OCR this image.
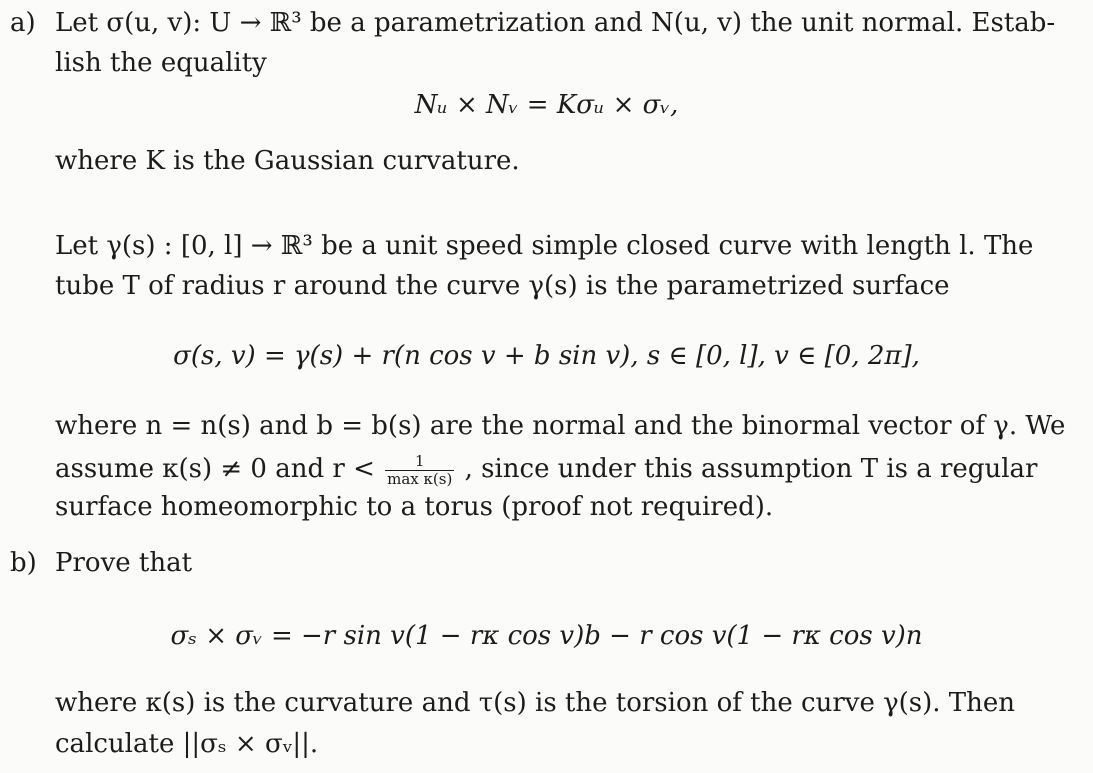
a) Let σ(u, v): U → ℝ³ be a parametrization and N(u, v) the unit normal. Estab-
lish the equality
Nᵤ × Nᵥ = Kσᵤ × σᵥ,
where K is the Gaussian curvature.
Let γ(s) : [0, l] → ℝ³ be a unit speed simple closed curve with length l. The
tube T of radius r around the curve γ(s) is the parametrized surface
σ(s, v) = γ(s) + r(n cos v + b sin v), s ∈ [0, l], v ∈ [0, 2π],
where n = n(s) and b = b(s) are the normal and the binormal vector of γ. We
assume κ(s) ≠ 0 and $r < \frac{1}{\text{max κ(s)}}$ , since under this assumption T is a regular
surface homeomorphic to a torus (proof not required).
b) Prove that
σₛ × σᵥ = −r sin v(1 − rκ cos v)b − r cos v(1 − rκ cos v)n
where κ(s) is the curvature and τ(s) is the torsion of the curve γ(s). Then
calculate ||σₛ × σᵥ||.
